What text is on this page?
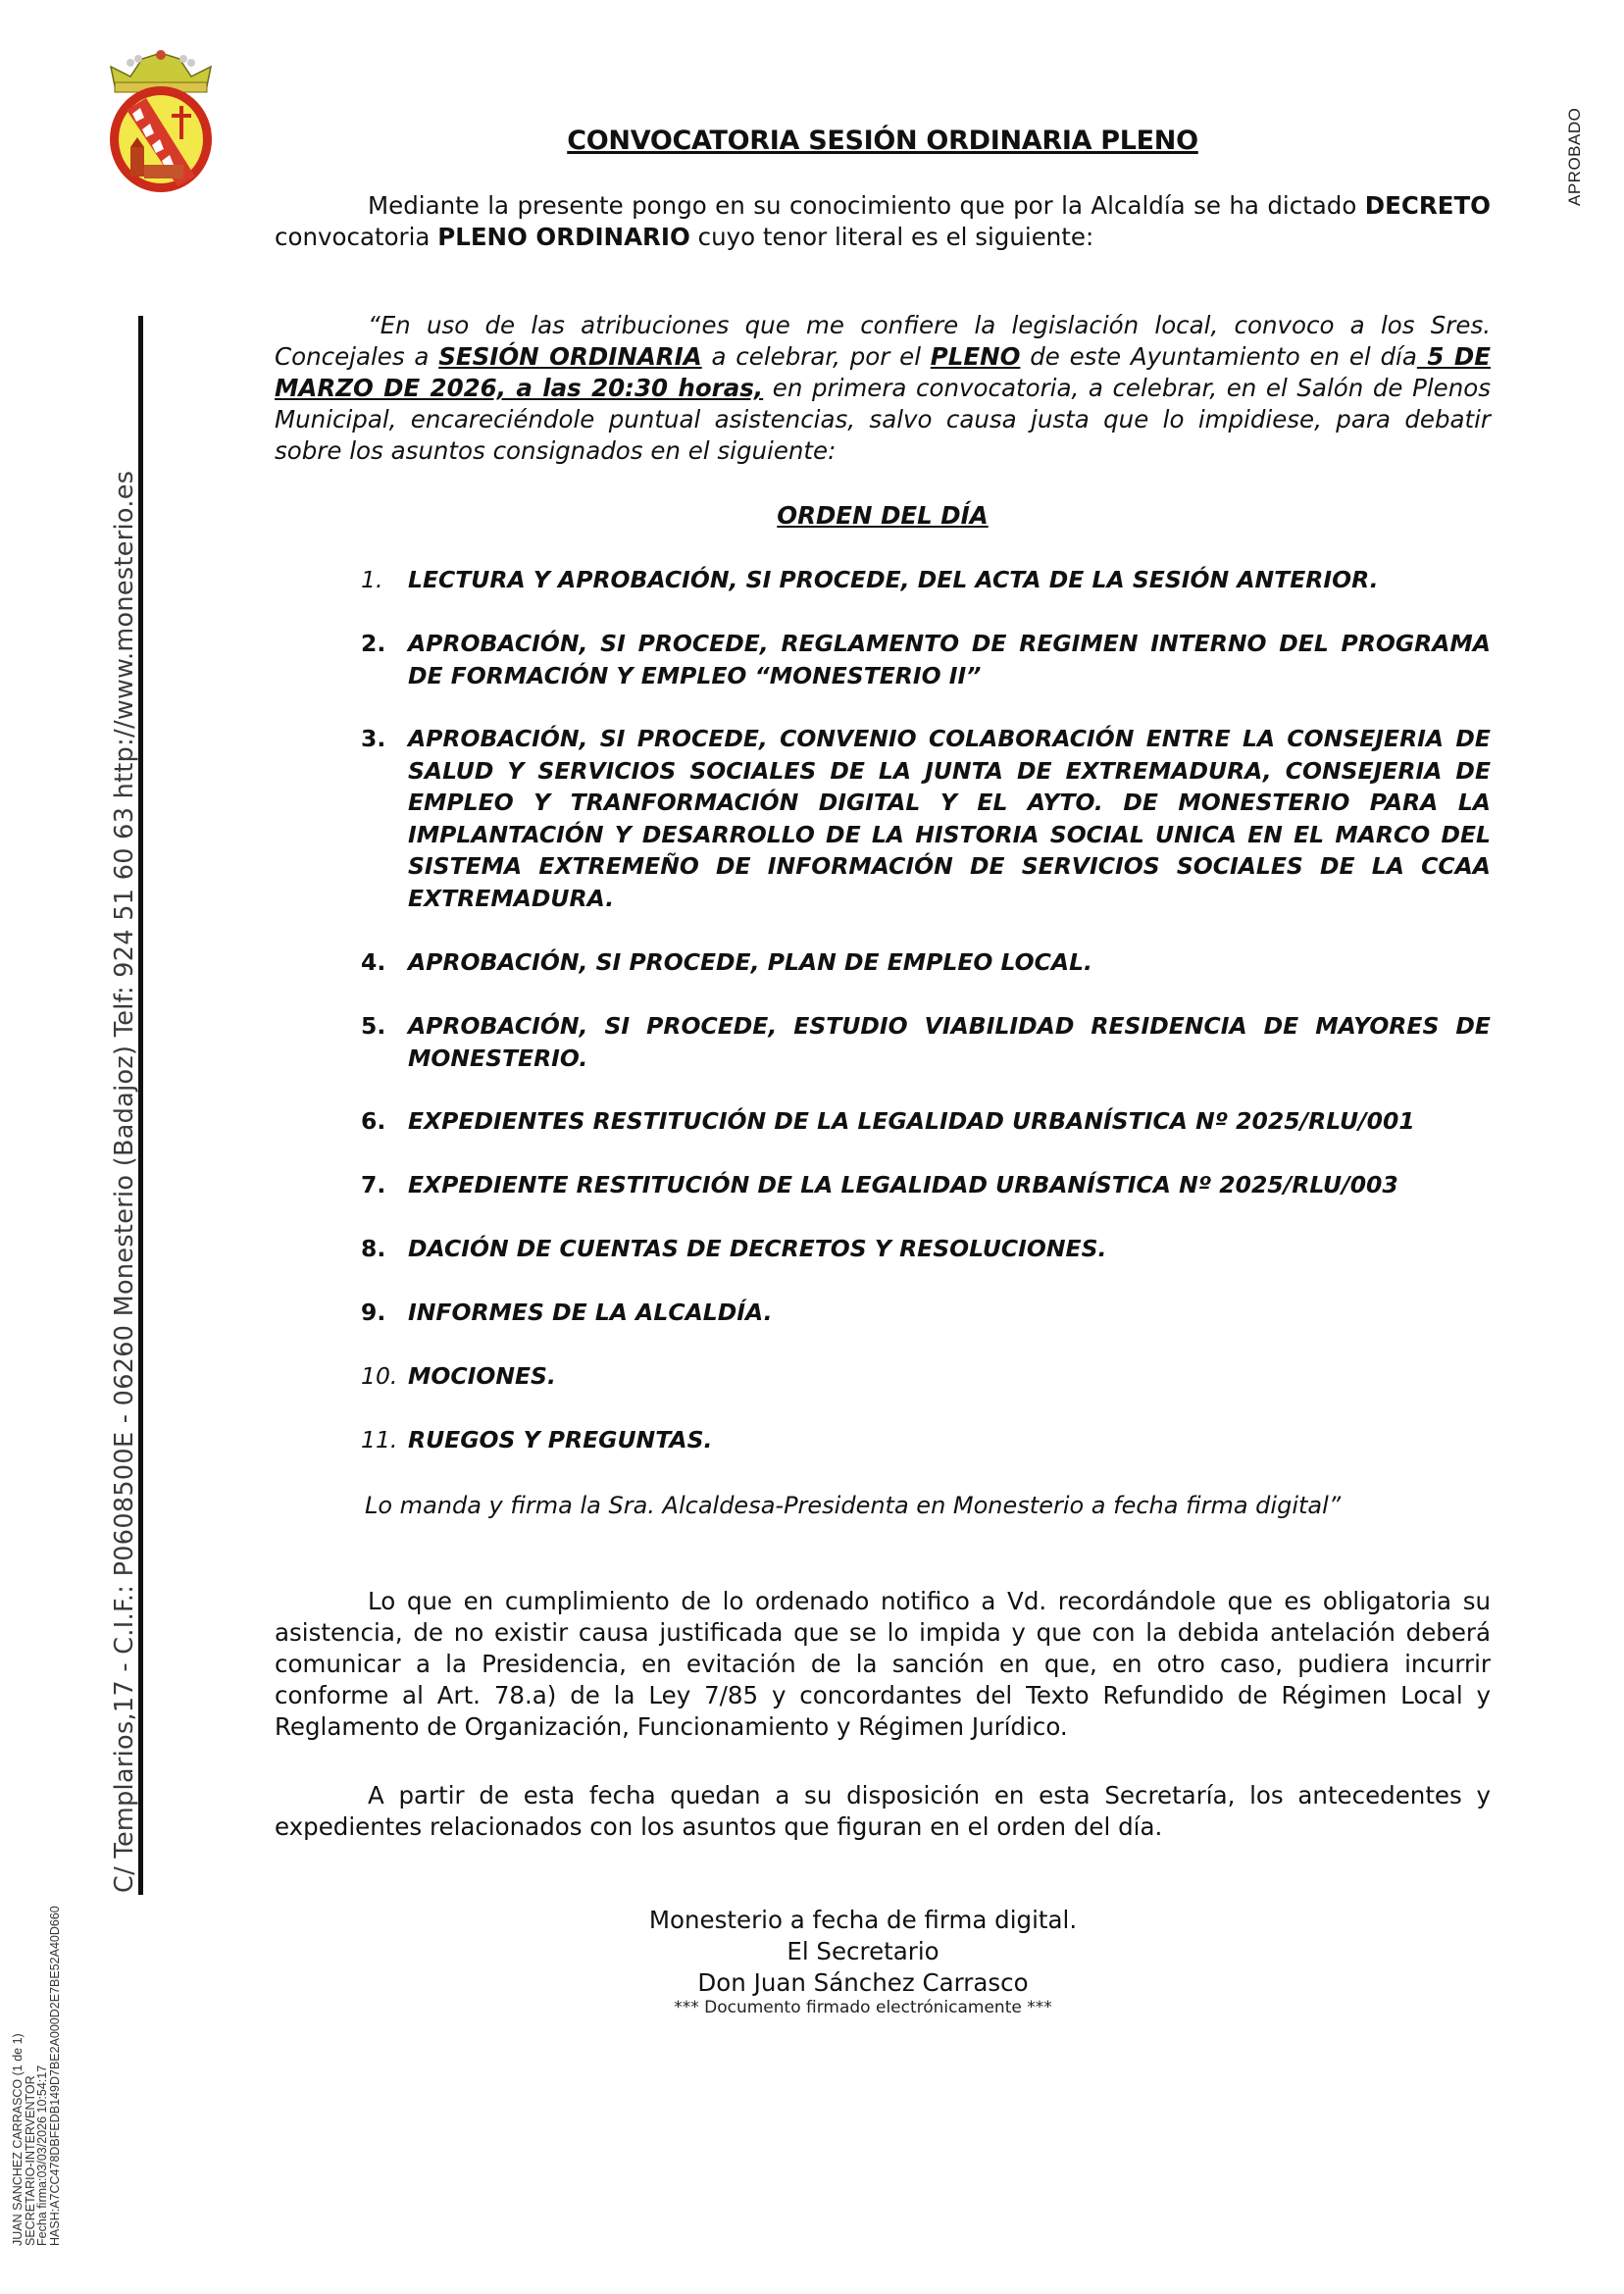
APROBADO
C/ Templarios,17 - C.I.F.: P0608500E - 06260 Monesterio (Badajoz) Telf: 924 51 60 63 http://www.monesterio.es
JUAN SANCHEZ CARRASCO (1 de 1)
SECRETARIO-INTERVENTOR
Fecha firma:03/03/2026 10:54:17
HASH:A7CC478DBFEDB149D7BE2A000D2E7BE52A40D660
CONVOCATORIA SESIÓN ORDINARIA PLENO
Mediante la presente pongo en su conocimiento que por la Alcaldía se ha dictado DECRETO convocatoria PLENO ORDINARIO cuyo tenor literal es el siguiente:
“En uso de las atribuciones que me confiere la legislación local, convoco a los Sres. Concejales a SESIÓN ORDINARIA a celebrar, por el PLENO de este Ayuntamiento en el día 5 DE MARZO DE 2026, a las 20:30 horas, en primera convocatoria, a celebrar, en el Salón de Plenos Municipal, encareciéndole puntual asistencias, salvo causa justa que lo impidiese, para debatir sobre los asuntos consignados en el siguiente:
ORDEN DEL DÍA
1.	LECTURA Y APROBACIÓN, SI PROCEDE, DEL ACTA DE LA SESIÓN ANTERIOR.
2. APROBACIÓN, SI PROCEDE, REGLAMENTO DE REGIMEN INTERNO DEL PROGRAMA DE FORMACIÓN Y EMPLEO “MONESTERIO II”
3. APROBACIÓN, SI PROCEDE, CONVENIO COLABORACIÓN ENTRE LA CONSEJERIA DE SALUD Y SERVICIOS SOCIALES DE LA JUNTA DE EXTREMADURA, CONSEJERIA DE EMPLEO Y TRANFORMACIÓN DIGITAL Y EL AYTO. DE MONESTERIO PARA LA IMPLANTACIÓN Y DESARROLLO DE LA HISTORIA SOCIAL UNICA EN EL MARCO DEL SISTEMA EXTREMEÑO DE INFORMACIÓN DE SERVICIOS SOCIALES DE LA CCAA EXTREMADURA.
4. APROBACIÓN, SI PROCEDE, PLAN DE EMPLEO LOCAL.
5. APROBACIÓN, SI PROCEDE, ESTUDIO VIABILIDAD RESIDENCIA DE MAYORES DE MONESTERIO.
6. EXPEDIENTES RESTITUCIÓN DE LA LEGALIDAD URBANÍSTICA Nº 2025/RLU/001
7. EXPEDIENTE RESTITUCIÓN DE LA LEGALIDAD URBANÍSTICA Nº 2025/RLU/003
8. DACIÓN DE CUENTAS DE DECRETOS Y RESOLUCIONES.
9. INFORMES DE LA ALCALDÍA.
10. MOCIONES.
11. RUEGOS Y PREGUNTAS.
Lo manda y firma la Sra. Alcaldesa-Presidenta en Monesterio a fecha firma digital”
Lo que en cumplimiento de lo ordenado notifico a Vd. recordándole que es obligatoria su asistencia, de no existir causa justificada que se lo impida y que con la debida antelación deberá comunicar a la Presidencia, en evitación de la sanción en que, en otro caso, pudiera incurrir conforme al Art. 78.a) de la Ley 7/85 y concordantes del Texto Refundido de Régimen Local y Reglamento de Organización, Funcionamiento y Régimen Jurídico.
A partir de esta fecha quedan a su disposición en esta Secretaría, los antecedentes y expedientes relacionados con los asuntos que figuran en el orden del día.
Monesterio a fecha de firma digital.
El Secretario
Don Juan Sánchez Carrasco
*** Documento firmado electrónicamente ***
